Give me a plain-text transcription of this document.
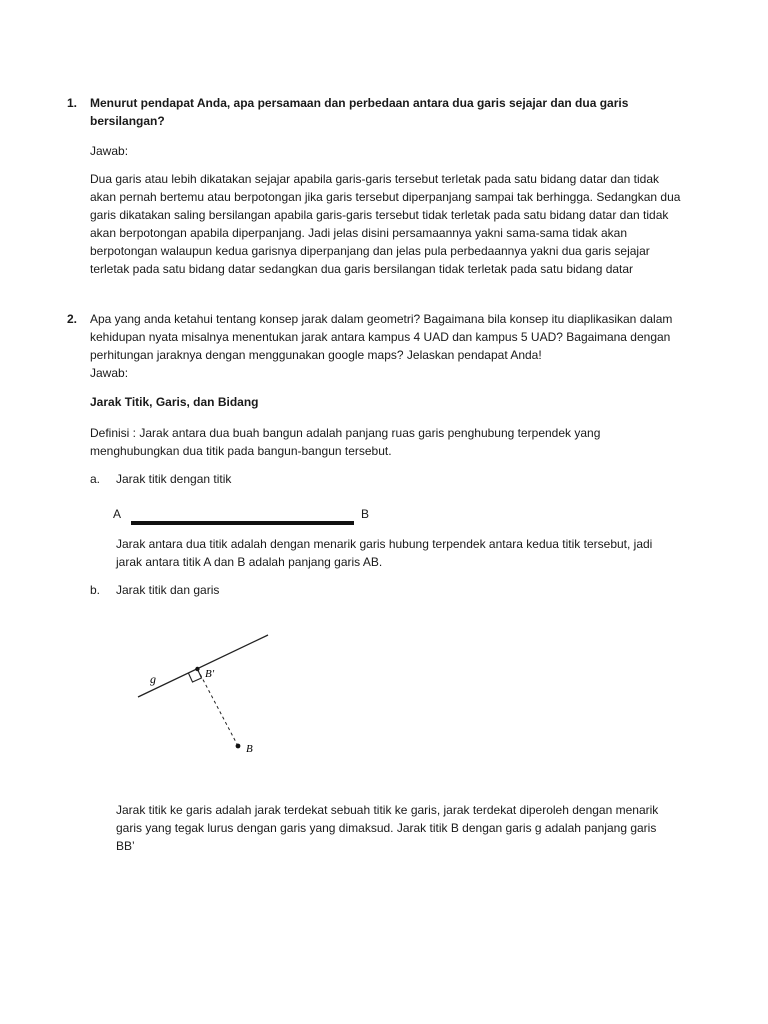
1. Menurut pendapat Anda, apa persamaan dan perbedaan antara dua garis sejajar dan dua garis bersilangan?
Jawab:
Dua garis atau lebih dikatakan sejajar apabila garis-garis tersebut terletak pada satu bidang datar dan tidak akan pernah bertemu atau berpotongan jika garis tersebut diperpanjang sampai tak berhingga. Sedangkan dua garis dikatakan saling bersilangan apabila garis-garis tersebut tidak terletak pada satu bidang datar dan tidak akan berpotongan apabila diperpanjang. Jadi jelas disini persamaannya yakni sama-sama tidak akan berpotongan walaupun kedua garisnya diperpanjang dan jelas pula perbedaannya yakni dua garis sejajar terletak pada satu bidang datar sedangkan dua garis bersilangan tidak terletak pada satu bidang datar
2. Apa yang anda ketahui tentang konsep jarak dalam geometri? Bagaimana bila konsep itu diaplikasikan dalam kehidupan nyata misalnya menentukan jarak antara kampus 4 UAD dan kampus 5 UAD? Bagaimana dengan perhitungan jaraknya dengan menggunakan google maps? Jelaskan pendapat Anda!
Jawab:
Jarak Titik, Garis, dan Bidang
Definisi : Jarak antara dua buah bangun adalah panjang ruas garis penghubung terpendek yang menghubungkan dua titik pada bangun-bangun tersebut.
a. Jarak titik dengan titik
A	B
Jarak antara dua titik adalah dengan menarik garis hubung terpendek antara kedua titik tersebut, jadi jarak antara titik A dan B adalah panjang garis AB.
b. Jarak titik dan garis
g	B′
B
Jarak titik ke garis adalah jarak terdekat sebuah titik ke garis, jarak terdekat diperoleh dengan menarik garis yang tegak lurus dengan garis yang dimaksud. Jarak titik B dengan garis g adalah panjang garis BB’
